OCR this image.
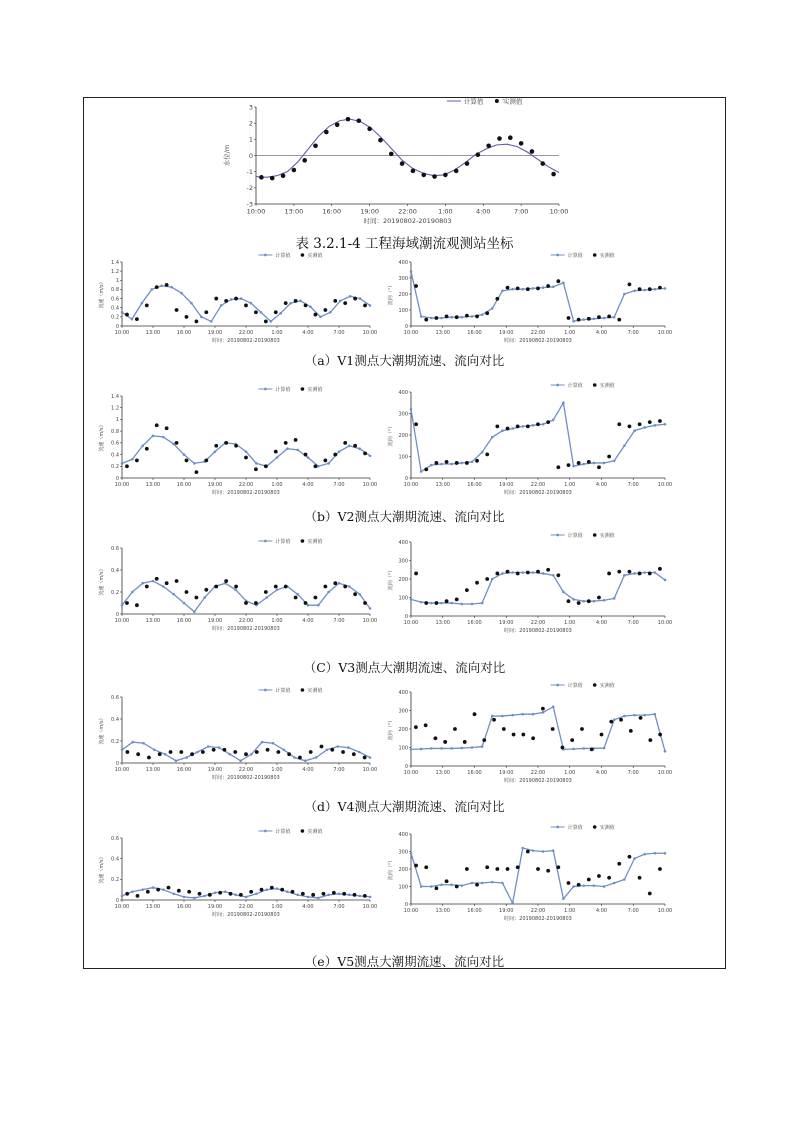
-3
-2
-1
0
1
2
3
10:00	13:00	16:00	19:00	22:00	1:00	4:00	7:00	10:00
时间：20190802-20190803
水位/m
计算值	实测值
表 3.2.1-4 工程海域潮流观测站坐标
0
0.2
0.4
0.6
0.8
1
1.2
1.4
10:00	13:00	16:00	19:00	22:00	1:00	4:00	7:00	10:00
时间：20190802-20190803
流速（m/s）
计算值	实测值
0
100
200
300
400
10:00	13:00	16:00	19:00	22:00	1:00	4:00	7:00	10:00
时间：20190802-20190803
流向（°）
计算值	实测值
（a）V1测点大潮期流速、流向对比
0
0.2
0.4
0.6
0.8
1
1.2
1.4
10:00	13:00	16:00	19:00	22:00	1:00	4:00	7:00	10:00
时间：20190802-20190803
流速（m/s）
计算值	实测值
0
100
200
300
400
10:00	13:00	16:00	19:00	22:00	1:00	4:00	7:00	10:00
时间：20190802-20190803
流向（°）
计算值	实测值
（b）V2测点大潮期流速、流向对比
0
0.2
0.4
0.6
10:00	13:00	16:00	19:00	22:00	1:00	4:00	7:00	10:00
时间：20190802-20190803
流速（m/s）
计算值	实测值
0
100
200
300
400
10:00	13:00	16:00	19:00	22:00	1:00	4:00	7:00	10:00
时间：20190802-20190803
流向（°）
计算值	实测值
（C）V3测点大潮期流速、流向对比
0
0.2
0.4
0.6
10:00	13:00	16:00	19:00	22:00	1:00	4:00	7:00	10:00
时间：20190802-20190803
流速（m/s）
计算值	实测值
0
100
200
300
400
10:00	13:00	16:00	19:00	22:00	1:00	4:00	7:00	10:00
时间：20190802-20190803
流向（°）
计算值	实测值
（d）V4测点大潮期流速、流向对比
0
0.2
0.4
0.6
10:00	13:00	16:00	19:00	22:00	1:00	4:00	7:00	10:00
时间：20190802-20190803
流速（m/s）
计算值	实测值
0
100
200
300
400
10:00	13:00	16:00	19:00	22:00	1:00	4:00	7:00	10:00
时间：20190802-20190803
流向（°）
计算值	实测值
（e）V5测点大潮期流速、流向对比
